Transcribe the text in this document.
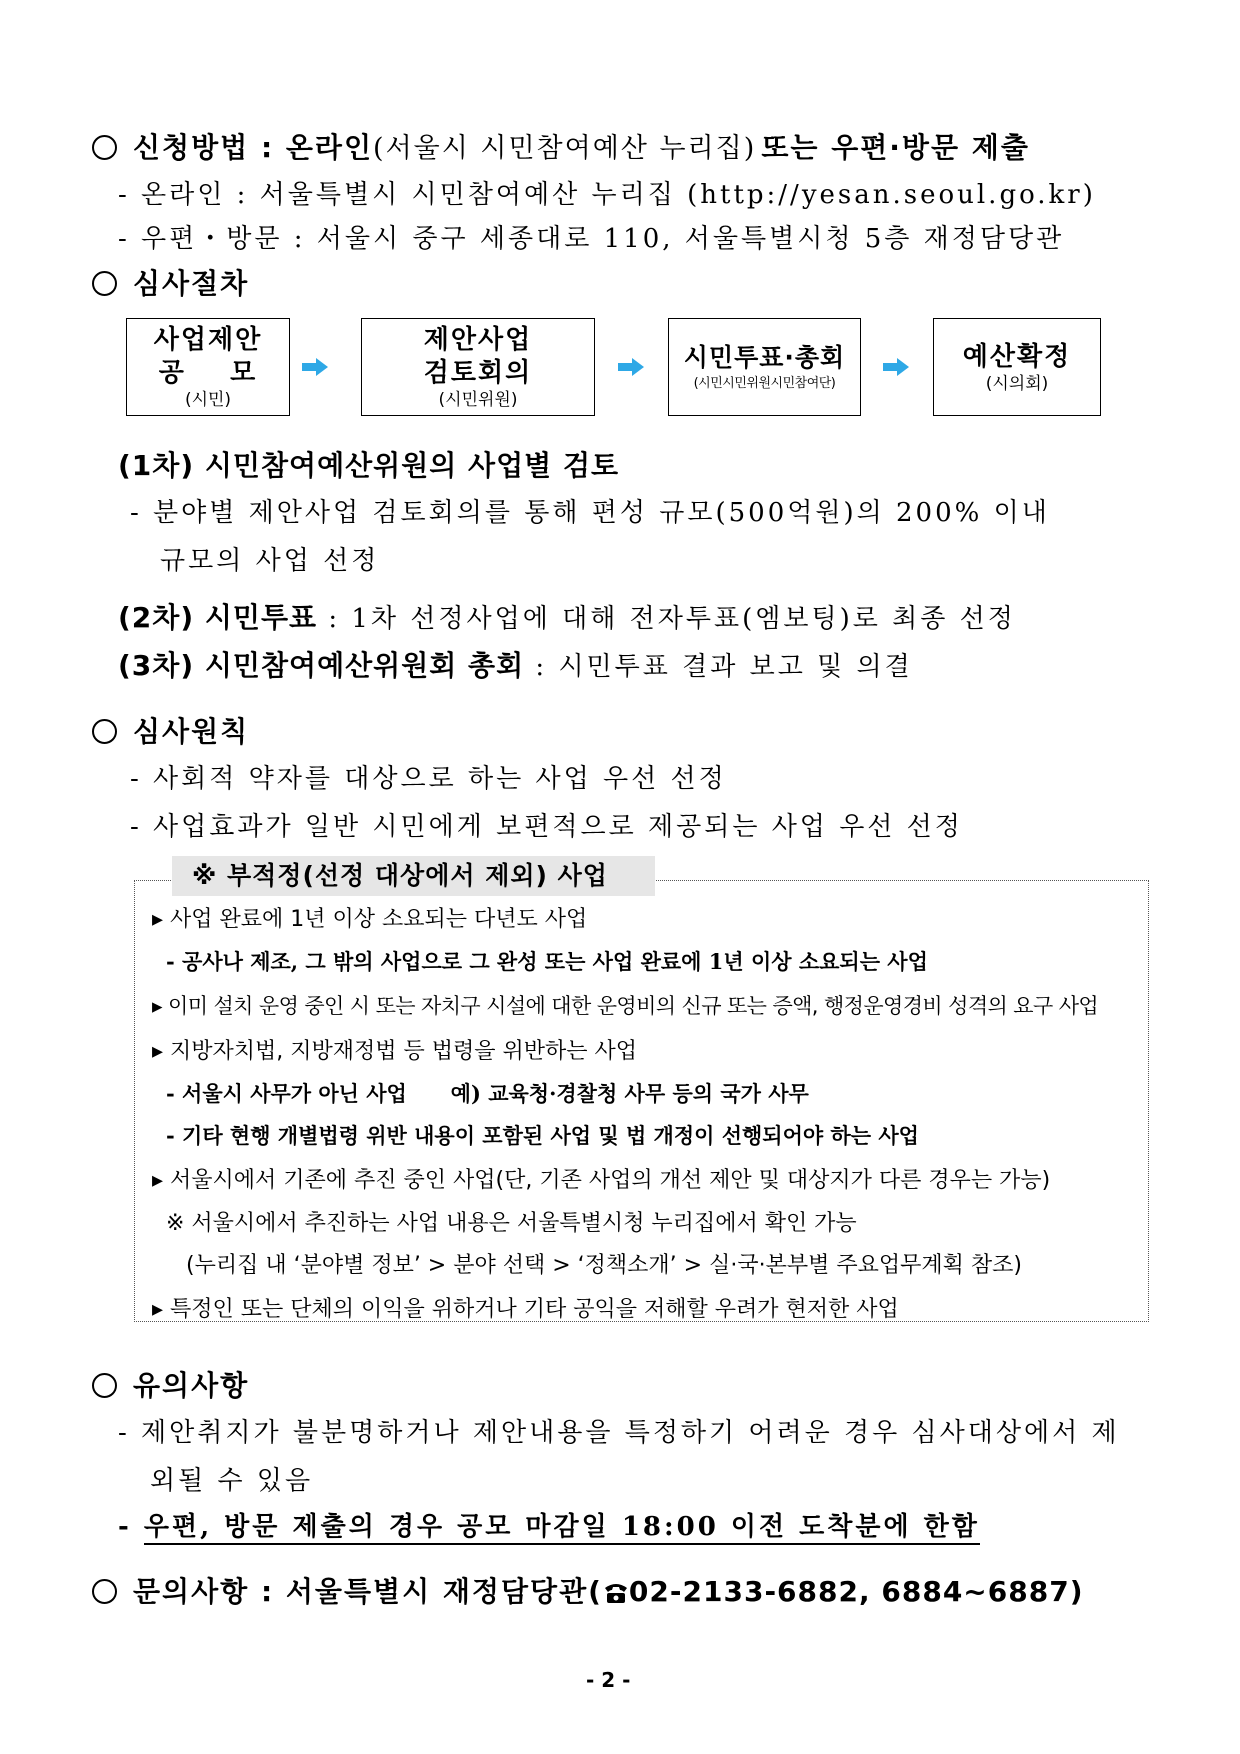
신청방법 : 온라인(서울시 시민참여예산 누리집) 또는 우편·방문 제출
- 온라인 : 서울특별시 시민참여예산 누리집 (http://yesan.seoul.go.kr)
- 우편・방문 : 서울시 중구 세종대로 110, 서울특별시청 5층 재정담당관
심사절차
사업제안
공    모
(시민)
제안사업
검토회의
(시민위원)
시민투표·총회
(시민시민위원시민참여단)
예산확정
(시의회)
(1차) 시민참여예산위원의 사업별 검토
- 분야별 제안사업 검토회의를 통해 편성 규모(500억원)의 200% 이내
규모의 사업 선정
(2차) 시민투표 : 1차 선정사업에 대해 전자투표(엠보팅)로 최종 선정
(3차) 시민참여예산위원회 총회 : 시민투표 결과 보고 및 의결
심사원칙
- 사회적 약자를 대상으로 하는 사업 우선 선정
- 사업효과가 일반 시민에게 보편적으로 제공되는 사업 우선 선정
※ 부적정(선정 대상에서 제외) 사업
▸ 사업 완료에 1년 이상 소요되는 다년도 사업
- 공사나 제조, 그 밖의 사업으로 그 완성 또는 사업 완료에 1년 이상 소요되는 사업
▸ 이미 설치 운영 중인 시 또는 자치구 시설에 대한 운영비의 신규 또는 증액, 행정운영경비 성격의 요구 사업
▸ 지방자치법, 지방재정법 등 법령을 위반하는 사업
- 서울시 사무가 아닌 사업      예) 교육청·경찰청 사무 등의 국가 사무
- 기타 현행 개별법령 위반 내용이 포함된 사업 및 법 개정이 선행되어야 하는 사업
▸ 서울시에서 기존에 추진 중인 사업(단, 기존 사업의 개선 제안 및 대상지가 다른 경우는 가능)
※ 서울시에서 추진하는 사업 내용은 서울특별시청 누리집에서 확인 가능
(누리집 내 ‘분야별 정보’ > 분야 선택 > ‘정책소개’ > 실·국·본부별 주요업무계획 참조)
▸ 특정인 또는 단체의 이익을 위하거나 기타 공익을 저해할 우려가 현저한 사업
유의사항
- 제안취지가 불분명하거나 제안내용을 특정하기 어려운 경우 심사대상에서 제
외될 수 있음
- 우편, 방문 제출의 경우 공모 마감일 18:00 이전 도착분에 한함
문의사항 : 서울특별시 재정담당관( 02-2133-6882, 6884~6887)
- 2 -
